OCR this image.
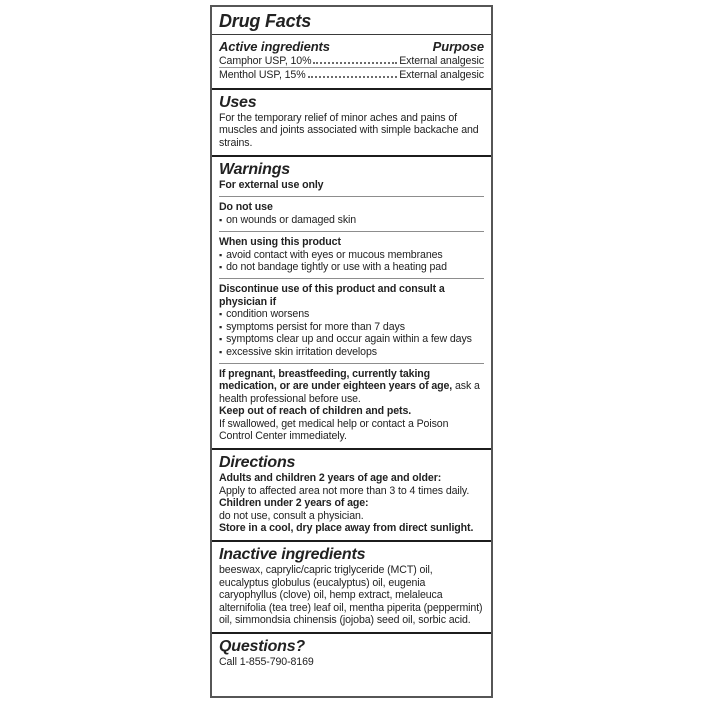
Drug Facts
Active ingredients	Purpose
Camphor USP, 10%	External analgesic
Menthol USP, 15%	External analgesic
Uses

For the temporary relief of minor aches and pains of muscles and joints associated with simple backache and strains.

Warnings

For external use only

Do not use

▪ on wounds or damaged skin

When using this product

▪ avoid contact with eyes or mucous membranes
▪ do not bandage tightly or use with a heating pad

Discontinue use of this product and consult a physician if

▪ condition worsens
▪ symptoms persist for more than 7 days
▪ symptoms clear up and occur again within a few days
▪ excessive skin irritation develops

If pregnant, breastfeeding, currently taking medication, or are under eighteen years of age, ask a health professional before use.

Keep out of reach of children and pets.

If swallowed, get medical help or contact a Poison Control Center immediately.

Directions

Adults and children 2 years of age and older:

Apply to affected area not more than 3 to 4 times daily.

Children under 2 years of age:

do not use, consult a physician.

Store in a cool, dry place away from direct sunlight.

Inactive ingredients

beeswax, caprylic/capric triglyceride (MCT) oil, eucalyptus globulus (eucalyptus) oil, eugenia caryophyllus (clove) oil, hemp extract, melaleuca alternifolia (tea tree) leaf oil, mentha piperita (peppermint) oil, simmondsia chinensis (jojoba) seed oil, sorbic acid.

Questions?

Call 1-855-790-8169
